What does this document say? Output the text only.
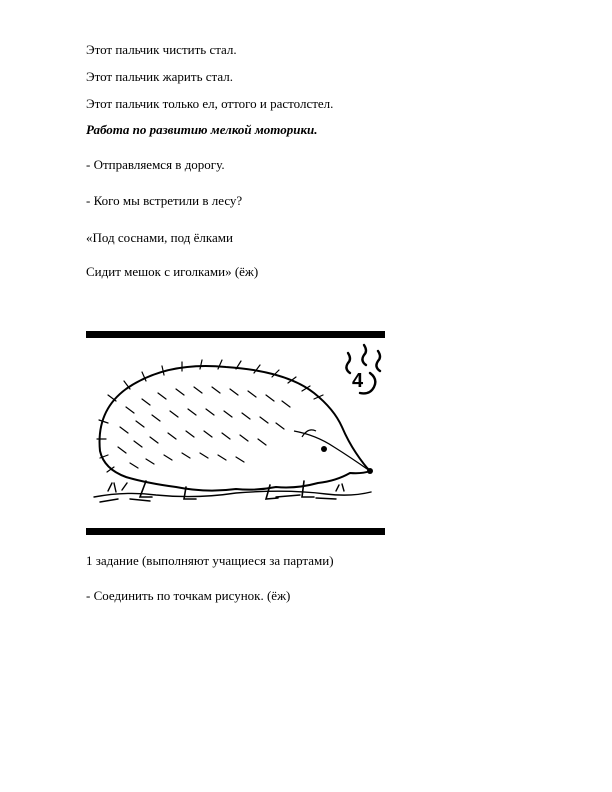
Этот пальчик чистить стал.
Этот пальчик жарить стал.
Этот пальчик только ел, оттого и растолстел.
Работа по развитию мелкой моторики.
- Отправляемся в дорогу.
- Кого мы встретили в лесу?
«Под соснами, под ёлками
Сидит мешок с иголками» (ёж)
4
1 задание (выполняют учащиеся за партами)
- Соединить по точкам рисунок. (ёж)
